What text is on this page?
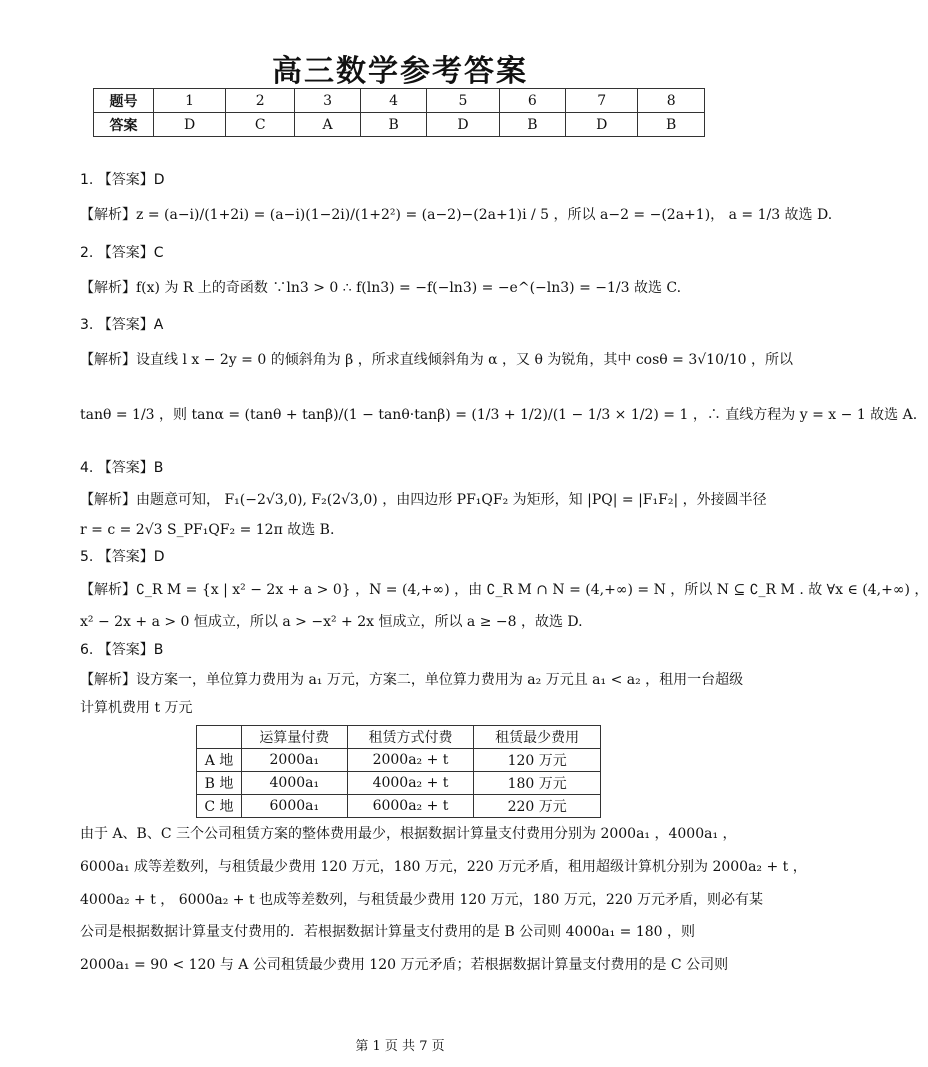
高三数学参考答案
题号	1	2	3	4	5	6	7	8
答案	D	C	A	B	D	B	D	B
1. 【答案】D
【解析】z = (a−i)/(1+2i) = (a−i)(1−2i)/(1+2²) = (a−2)−(2a+1)i / 5 ，所以 a−2 = −(2a+1)， a = 1/3 故选 D.
2. 【答案】C
【解析】f(x) 为 R 上的奇函数 ∵ln3 > 0 ∴ f(ln3) = −f(−ln3) = −e^(−ln3) = −1/3 故选 C.
3. 【答案】A
【解析】设直线 l x − 2y = 0 的倾斜角为 β ，所求直线倾斜角为 α ，又 θ 为锐角，其中 cosθ = 3√10/10 ，所以
tanθ = 1/3 ，则 tanα = (tanθ + tanβ)/(1 − tanθ·tanβ) = (1/3 + 1/2)/(1 − 1/3 × 1/2) = 1 ，∴ 直线方程为 y = x − 1 故选 A.
4. 【答案】B
【解析】由题意可知， F₁(−2√3,0), F₂(2√3,0) ，由四边形 PF₁QF₂ 为矩形，知 |PQ| = |F₁F₂| ，外接圆半径
r = c = 2√3 S_PF₁QF₂ = 12π 故选 B.
5. 【答案】D
【解析】∁_R M = {x | x² − 2x + a > 0} ，N = (4,+∞) ，由 ∁_R M ∩ N = (4,+∞) = N ，所以 N ⊆ ∁_R M . 故 ∀x ∈ (4,+∞) ，
x² − 2x + a > 0 恒成立，所以 a > −x² + 2x 恒成立，所以 a ≥ −8 ，故选 D.
6. 【答案】B
【解析】设方案一，单位算力费用为 a₁ 万元，方案二，单位算力费用为 a₂ 万元且 a₁ < a₂ ，租用一台超级
计算机费用 t 万元
	运算量付费	租赁方式付费	租赁最少费用
A 地	2000a₁	2000a₂ + t	120 万元
B 地	4000a₁	4000a₂ + t	180 万元
C 地	6000a₁	6000a₂ + t	220 万元
由于 A、B、C 三个公司租赁方案的整体费用最少，根据数据计算量支付费用分别为 2000a₁ ，4000a₁ ，
6000a₁ 成等差数列，与租赁最少费用 120 万元，180 万元，220 万元矛盾，租用超级计算机分别为 2000a₂ + t ，
4000a₂ + t ， 6000a₂ + t 也成等差数列，与租赁最少费用 120 万元，180 万元，220 万元矛盾，则必有某
公司是根据数据计算量支付费用的．若根据数据计算量支付费用的是 B 公司则 4000a₁ = 180 ，则
2000a₁ = 90 < 120 与 A 公司租赁最少费用 120 万元矛盾；若根据数据计算量支付费用的是 C 公司则
第 1 页 共 7 页
